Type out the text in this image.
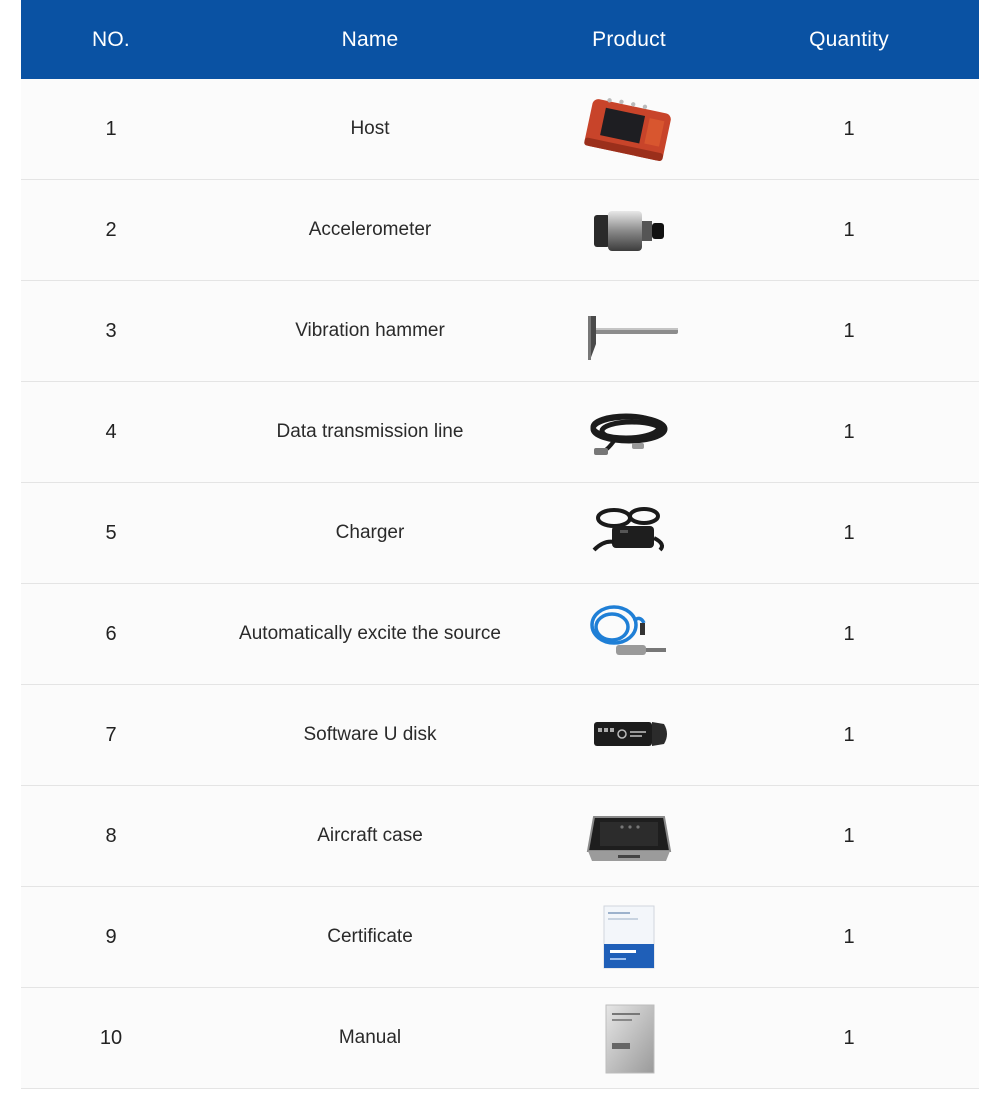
NO.	Name	Product	Quantity
1	Host	1
2	Accelerometer	1
3	Vibration hammer	1
4	Data transmission line	1
5	Charger	1
6	Automatically excite the source	1
7	Software U disk	1
8	Aircraft case	1
9	Certificate	1
10	Manual	1
